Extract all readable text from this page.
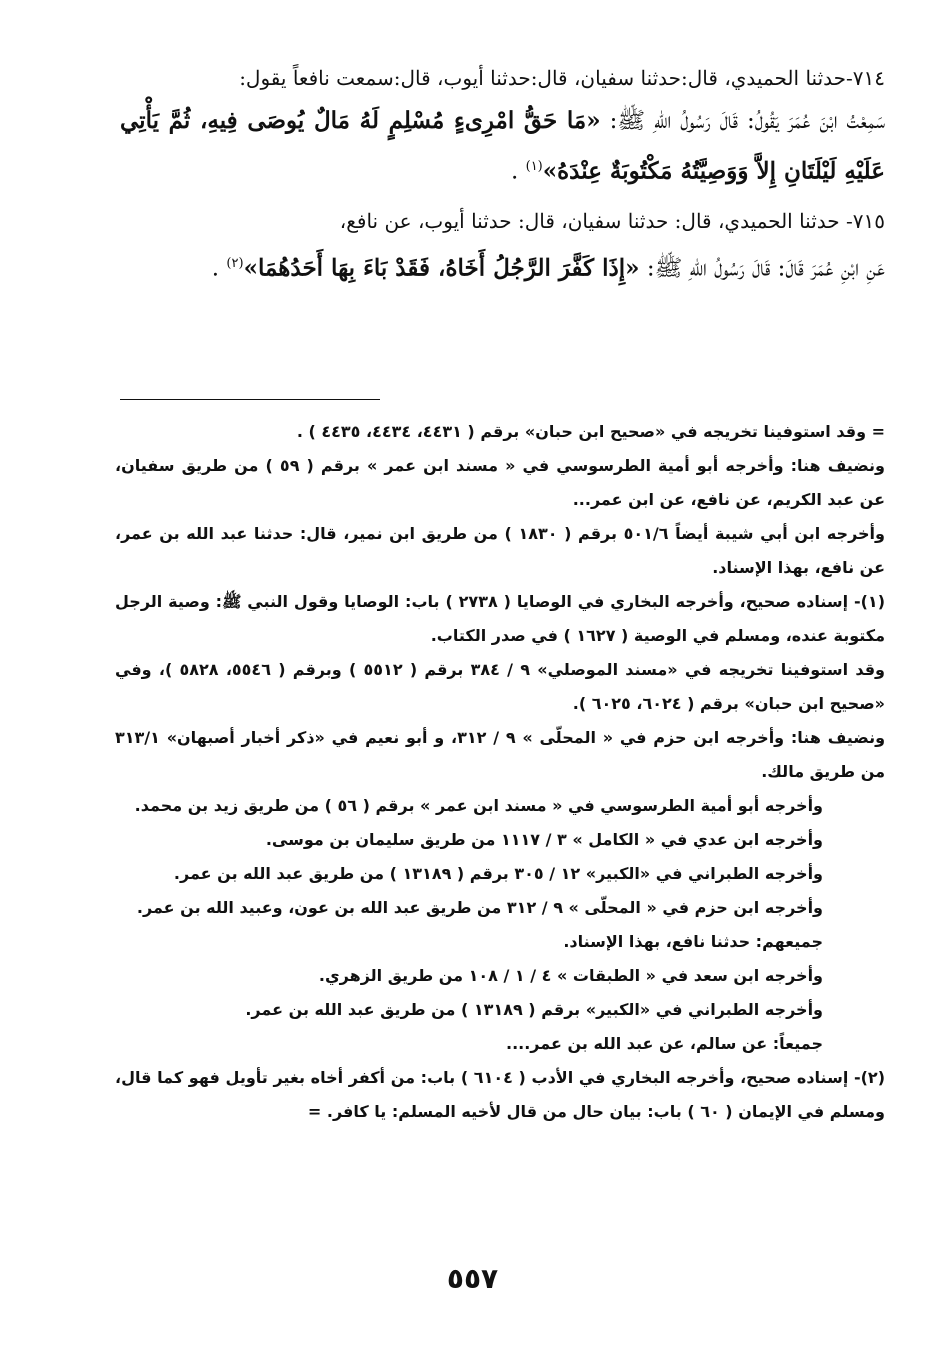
٧١٤-حدثنا الحميدي، قال:حدثنا سفيان، قال:حدثنا أيوب، قال:سمعت نافعاً يقول:

سَمِعْتُ ابْنَ عُمَرَ يَقُولُ: قَالَ رَسُولُ اللهِ ﷺ: «مَا حَقُّ امْرِىءٍ مُسْلِمٍ لَهُ مَالٌ يُوصَى فِيهِ، ثُمَّ يَأْتِي عَلَيْهِ لَيْلَتَانِ إِلاَّ وَوَصِيَّتُهُ مَكْتُوبَةٌ عِنْدَهُ»$^{(١)}$ .

٧١٥- حدثنا الحميدي، قال: حدثنا سفيان، قال: حدثنا أيوب، عن نافع،

عَنِ ابْنِ عُمَرَ قَالَ: قَالَ رَسُولُ اللهِ ﷺ: «إِذَا كَفَّرَ الرَّجُلُ أَخَاهُ، فَقَدْ بَاءَ بِهَا أَحَدُهُمَا»$^{(٢)}$ .

= وقد استوفينا تخريجه في «صحيح ابن حبان» برقم ( ٤٤٣١، ٤٤٣٤، ٤٤٣٥ ) .

ونضيف هنا: وأخرجه أبو أمية الطرسوسي في « مسند ابن عمر » برقم ( ٥٩ ) من طريق سفيان، عن عبد الكريم، عن نافع، عن ابن عمر...

وأخرجه ابن أبي شيبة أيضاً ٥٠١/٦ برقم ( ١٨٣٠ ) من طريق ابن نمير، قال: حدثنا عبد الله بن عمر، عن نافع، بهذا الإسناد.

(١)- إسناده صحيح، وأخرجه البخاري في الوصايا ( ٢٧٣٨ ) باب: الوصايا وقول النبي ﷺ: وصية الرجل مكتوبة عنده، ومسلم في الوصية ( ١٦٢٧ ) في صدر الكتاب.

وقد استوفينا تخريجه في «مسند الموصلي» ٩ / ٣٨٤ برقم ( ٥٥١٢ ) وبرقم ( ٥٥٤٦، ٥٨٢٨ )، وفي «صحيح ابن حبان» برقم ( ٦٠٢٤، ٦٠٢٥ ).

ونضيف هنا: وأخرجه ابن حزم في « المحلّى » ٩ / ٣١٢، و أبو نعيم في «ذكر أخبار أصبهان» ٣١٣/١ من طريق مالك.

وأخرجه أبو أمية الطرسوسي في « مسند ابن عمر » برقم ( ٥٦ ) من طريق زيد بن محمد.

وأخرجه ابن عدي في « الكامل » ٣ / ١١١٧ من طريق سليمان بن موسى.

وأخرجه الطبراني في «الكبير» ١٢ / ٣٠٥ برقم ( ١٣١٨٩ ) من طريق عبد الله بن عمر.

وأخرجه ابن حزم في « المحلّى » ٩ / ٣١٢ من طريق عبد الله بن عون، وعبيد الله بن عمر.

جميعهم: حدثنا نافع، بهذا الإسناد.

وأخرجه ابن سعد في « الطبقات » ٤ / ١ / ١٠٨ من طريق الزهري.

وأخرجه الطبراني في «الكبير» برقم ( ١٣١٨٩ ) من طريق عبد الله بن عمر.

جميعاً: عن سالم، عن عبد الله بن عمر....

(٢)- إسناده صحيح، وأخرجه البخاري في الأدب ( ٦١٠٤ ) باب: من أكفر أخاه بغير تأويل فهو كما قال، ومسلم في الإيمان ( ٦٠ ) باب: بيان حال من قال لأخيه المسلم: يا كافر. =

٥٥٧
